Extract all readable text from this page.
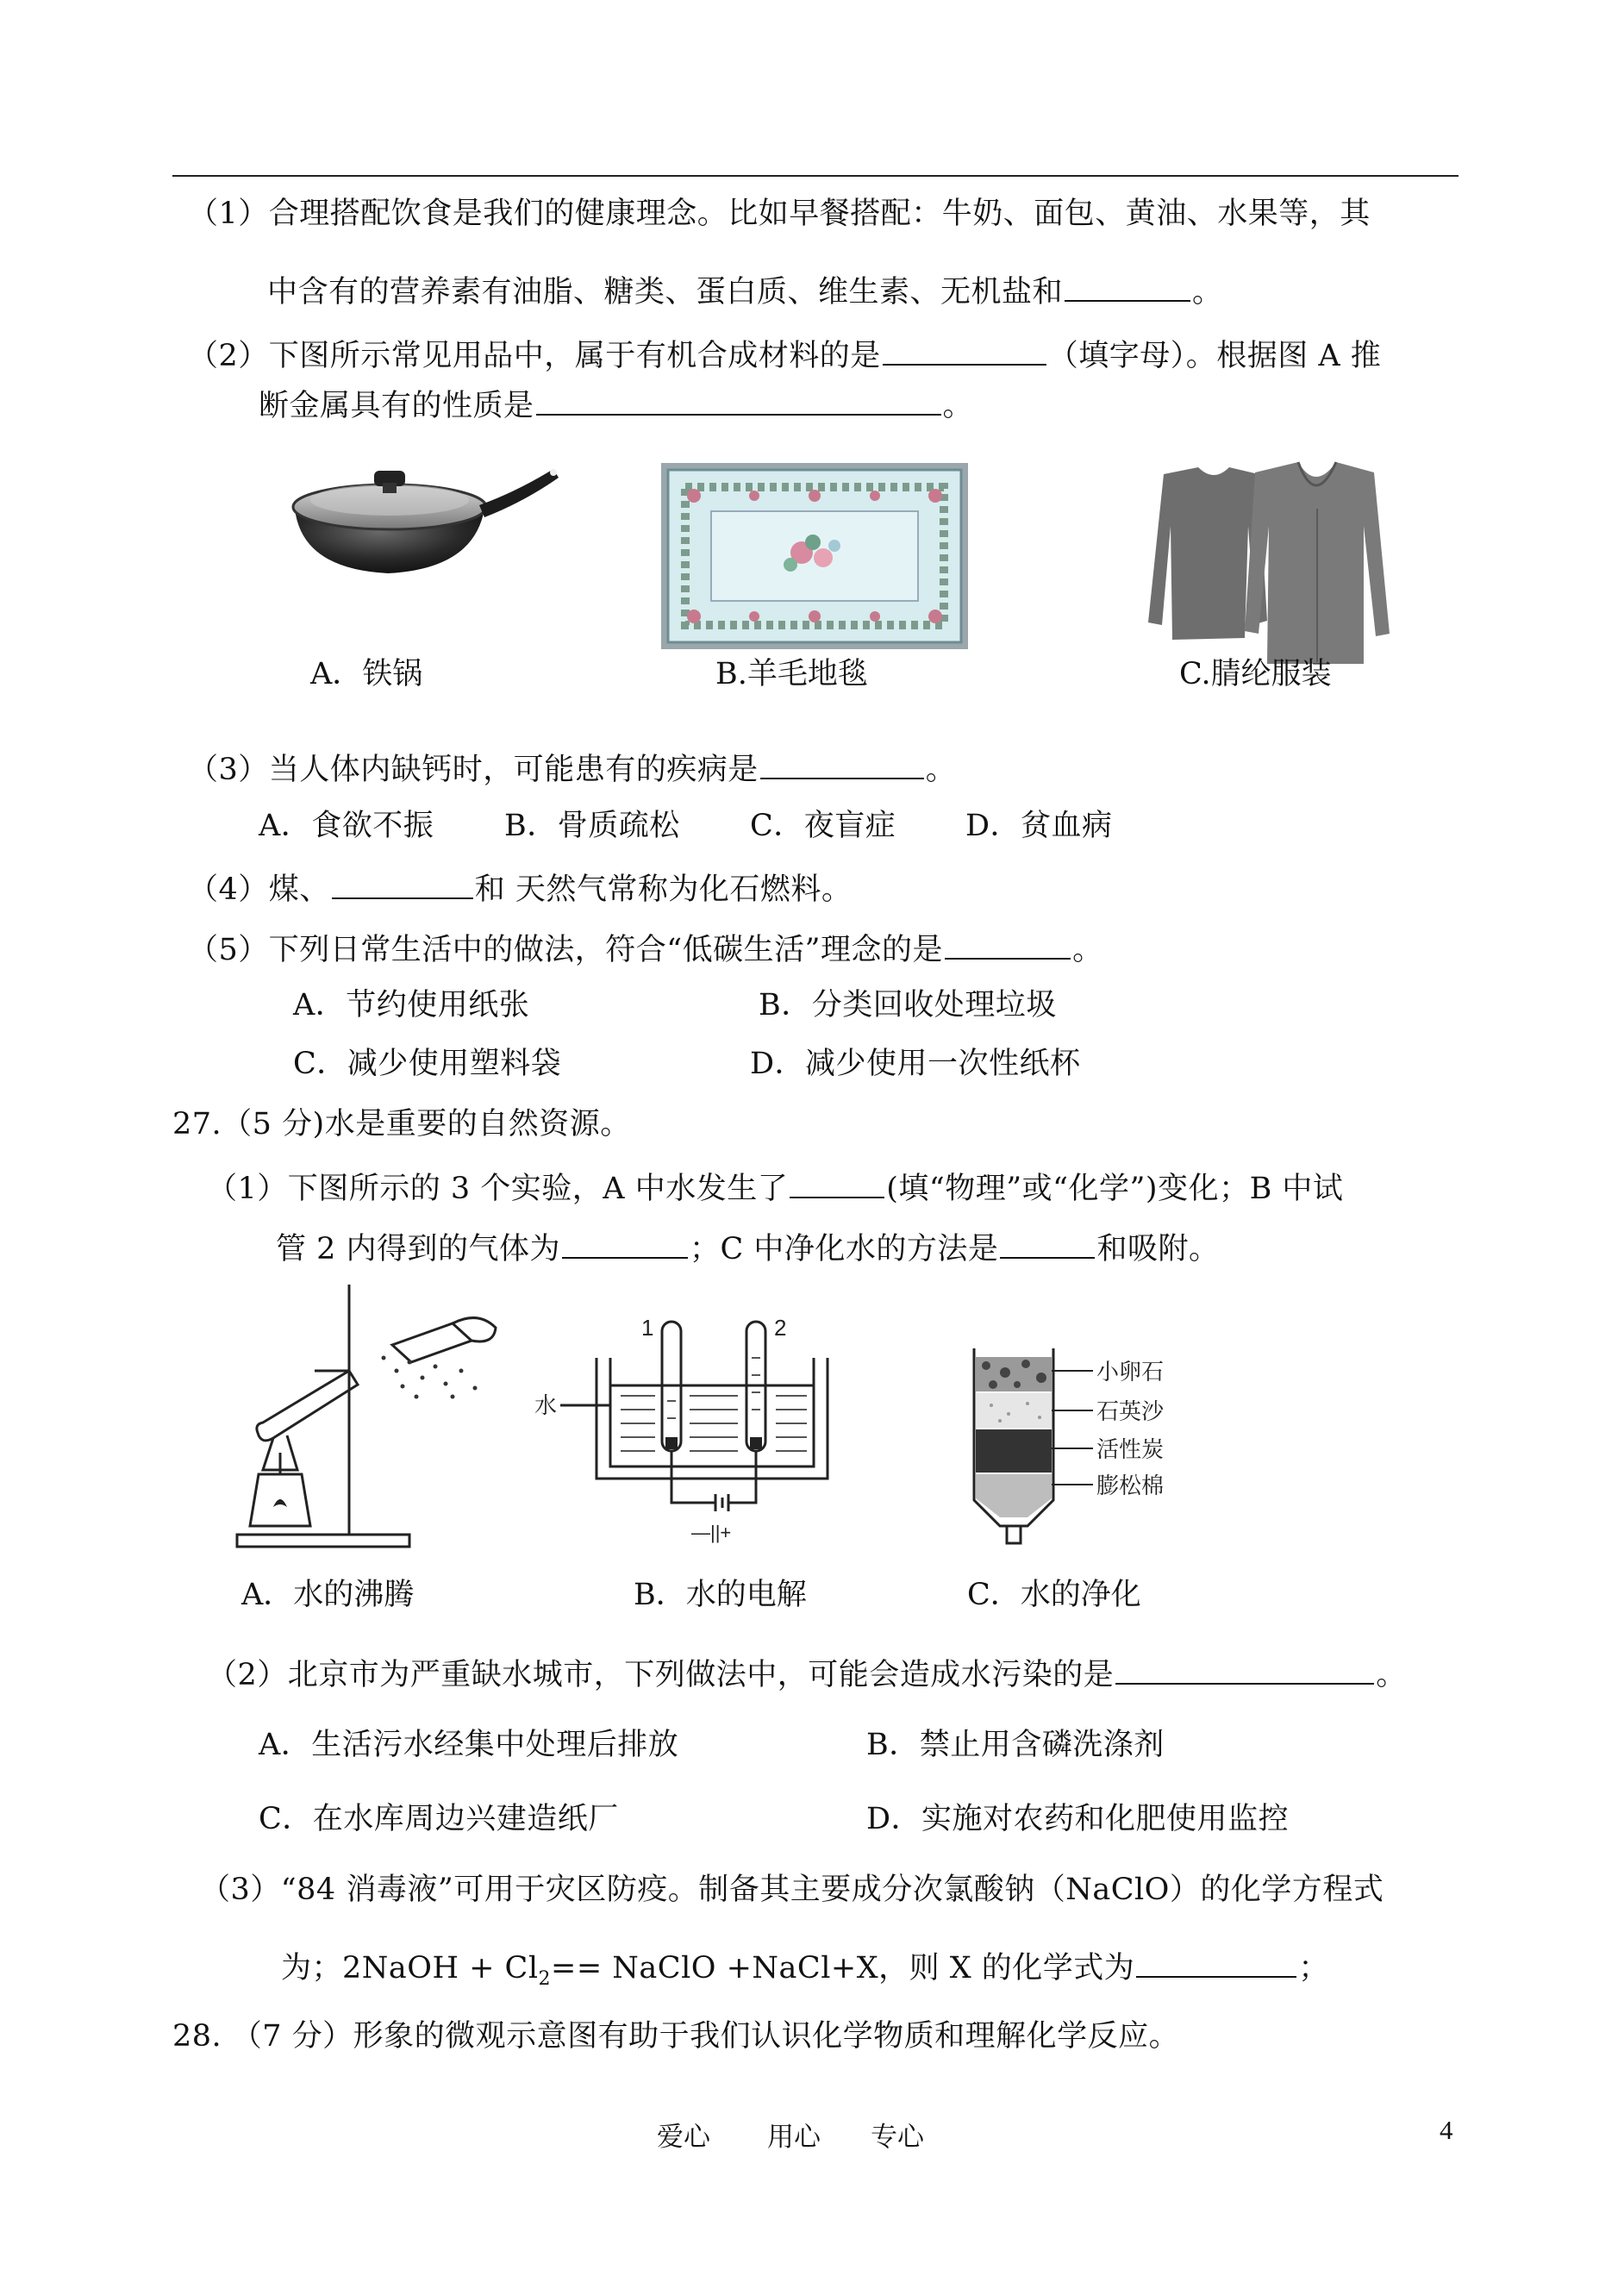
（1）合理搭配饮食是我们的健康理念。比如早餐搭配：牛奶、面包、黄油、水果等，其
中含有的营养素有油脂、糖类、蛋白质、维生素、无机盐和	。
（2）下图所示常见用品中，属于有机合成材料的是	（填字母）。根据图 A 推
断金属具有的性质是	。
A．铁锅	B.羊毛地毯	C.腈纶服装
（3）当人体内缺钙时，可能患有的疾病是	。
A．食欲不振 B．骨质疏松 C．夜盲症 D．贫血病
（4）煤、	和 天然气常称为化石燃料。
（5）下列日常生活中的做法，符合“低碳生活”理念的是	。
A．节约使用纸张	B．分类回收处理垃圾
C．减少使用塑料袋	D．减少使用一次性纸杯
27.（5 分)水是重要的自然资源。
（1）下图所示的 3 个实验，A 中水发生了	(填“物理”或“化学”)变化；B 中试
管 2 内得到的气体为	；C 中净化水的方法是	和吸附。
1	2
水
—||+
小卵石
石英沙
活性炭
膨松棉
A．水的沸腾	B．水的电解	C．水的净化
（2）北京市为严重缺水城市，下列做法中，可能会造成水污染的是	。
A．生活污水经集中处理后排放	B．禁止用含磷洗涤剂
C．在水库周边兴建造纸厂	D．实施对农药和化肥使用监控
（3）“84 消毒液”可用于灾区防疫。制备其主要成分次氯酸钠（NaClO）的化学方程式
为；2NaOH + $Cl_2==$ NaClO +NaCl+X，则 X 的化学式为	；
28. （7 分）形象的微观示意图有助于我们认识化学物质和理解化学反应。
爱心 用心 专心	4
